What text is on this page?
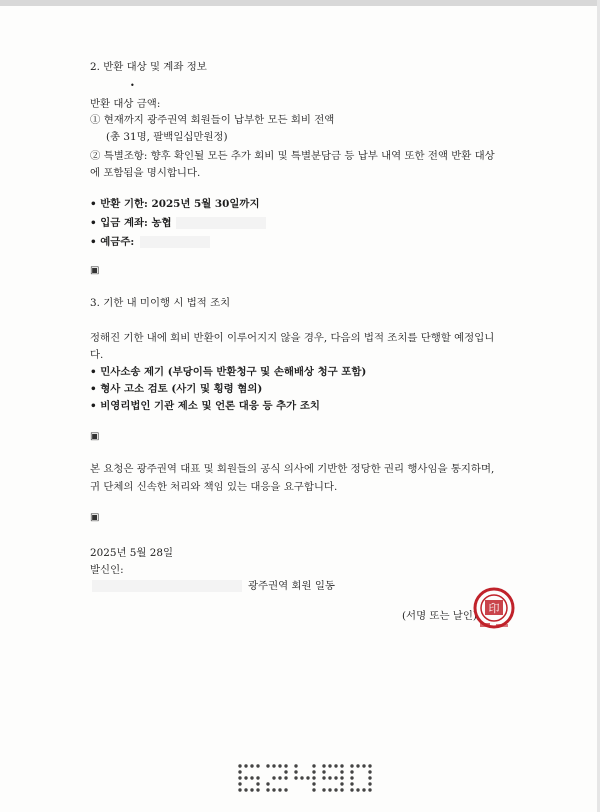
2. 반환 대상 및 계좌 정보
•
반환 대상 금액:
① 현재까지 광주권역 회원들이 납부한 모든 회비 전액
(총 31명, 팔백일십만원정)
② 특별조항: 향후 확인될 모든 추가 회비 및 특별분담금 등 납부 내역 또한 전액 반환 대상
에 포함됨을 명시합니다.
• 반환 기한: 2025년 5월 30일까지
• 입금 계좌: 농협
• 예금주:
▣
3. 기한 내 미이행 시 법적 조치
정해진 기한 내에 회비 반환이 이루어지지 않을 경우, 다음의 법적 조치를 단행할 예정입니
다.
• 민사소송 제기 (부당이득 반환청구 및 손해배상 청구 포함)
• 형사 고소 검토 (사기 및 횡령 혐의)
• 비영리법인 기관 제소 및 언론 대응 등 추가 조치
▣
본 요청은 광주권역 대표 및 회원들의 공식 의사에 기반한 정당한 권리 행사임을 통지하며,
귀 단체의 신속한 처리와 책임 있는 대응을 요구합니다.
▣
2025년 5월 28일
발신인:
광주권역 회원 일동
(서명 또는 날인)
印
